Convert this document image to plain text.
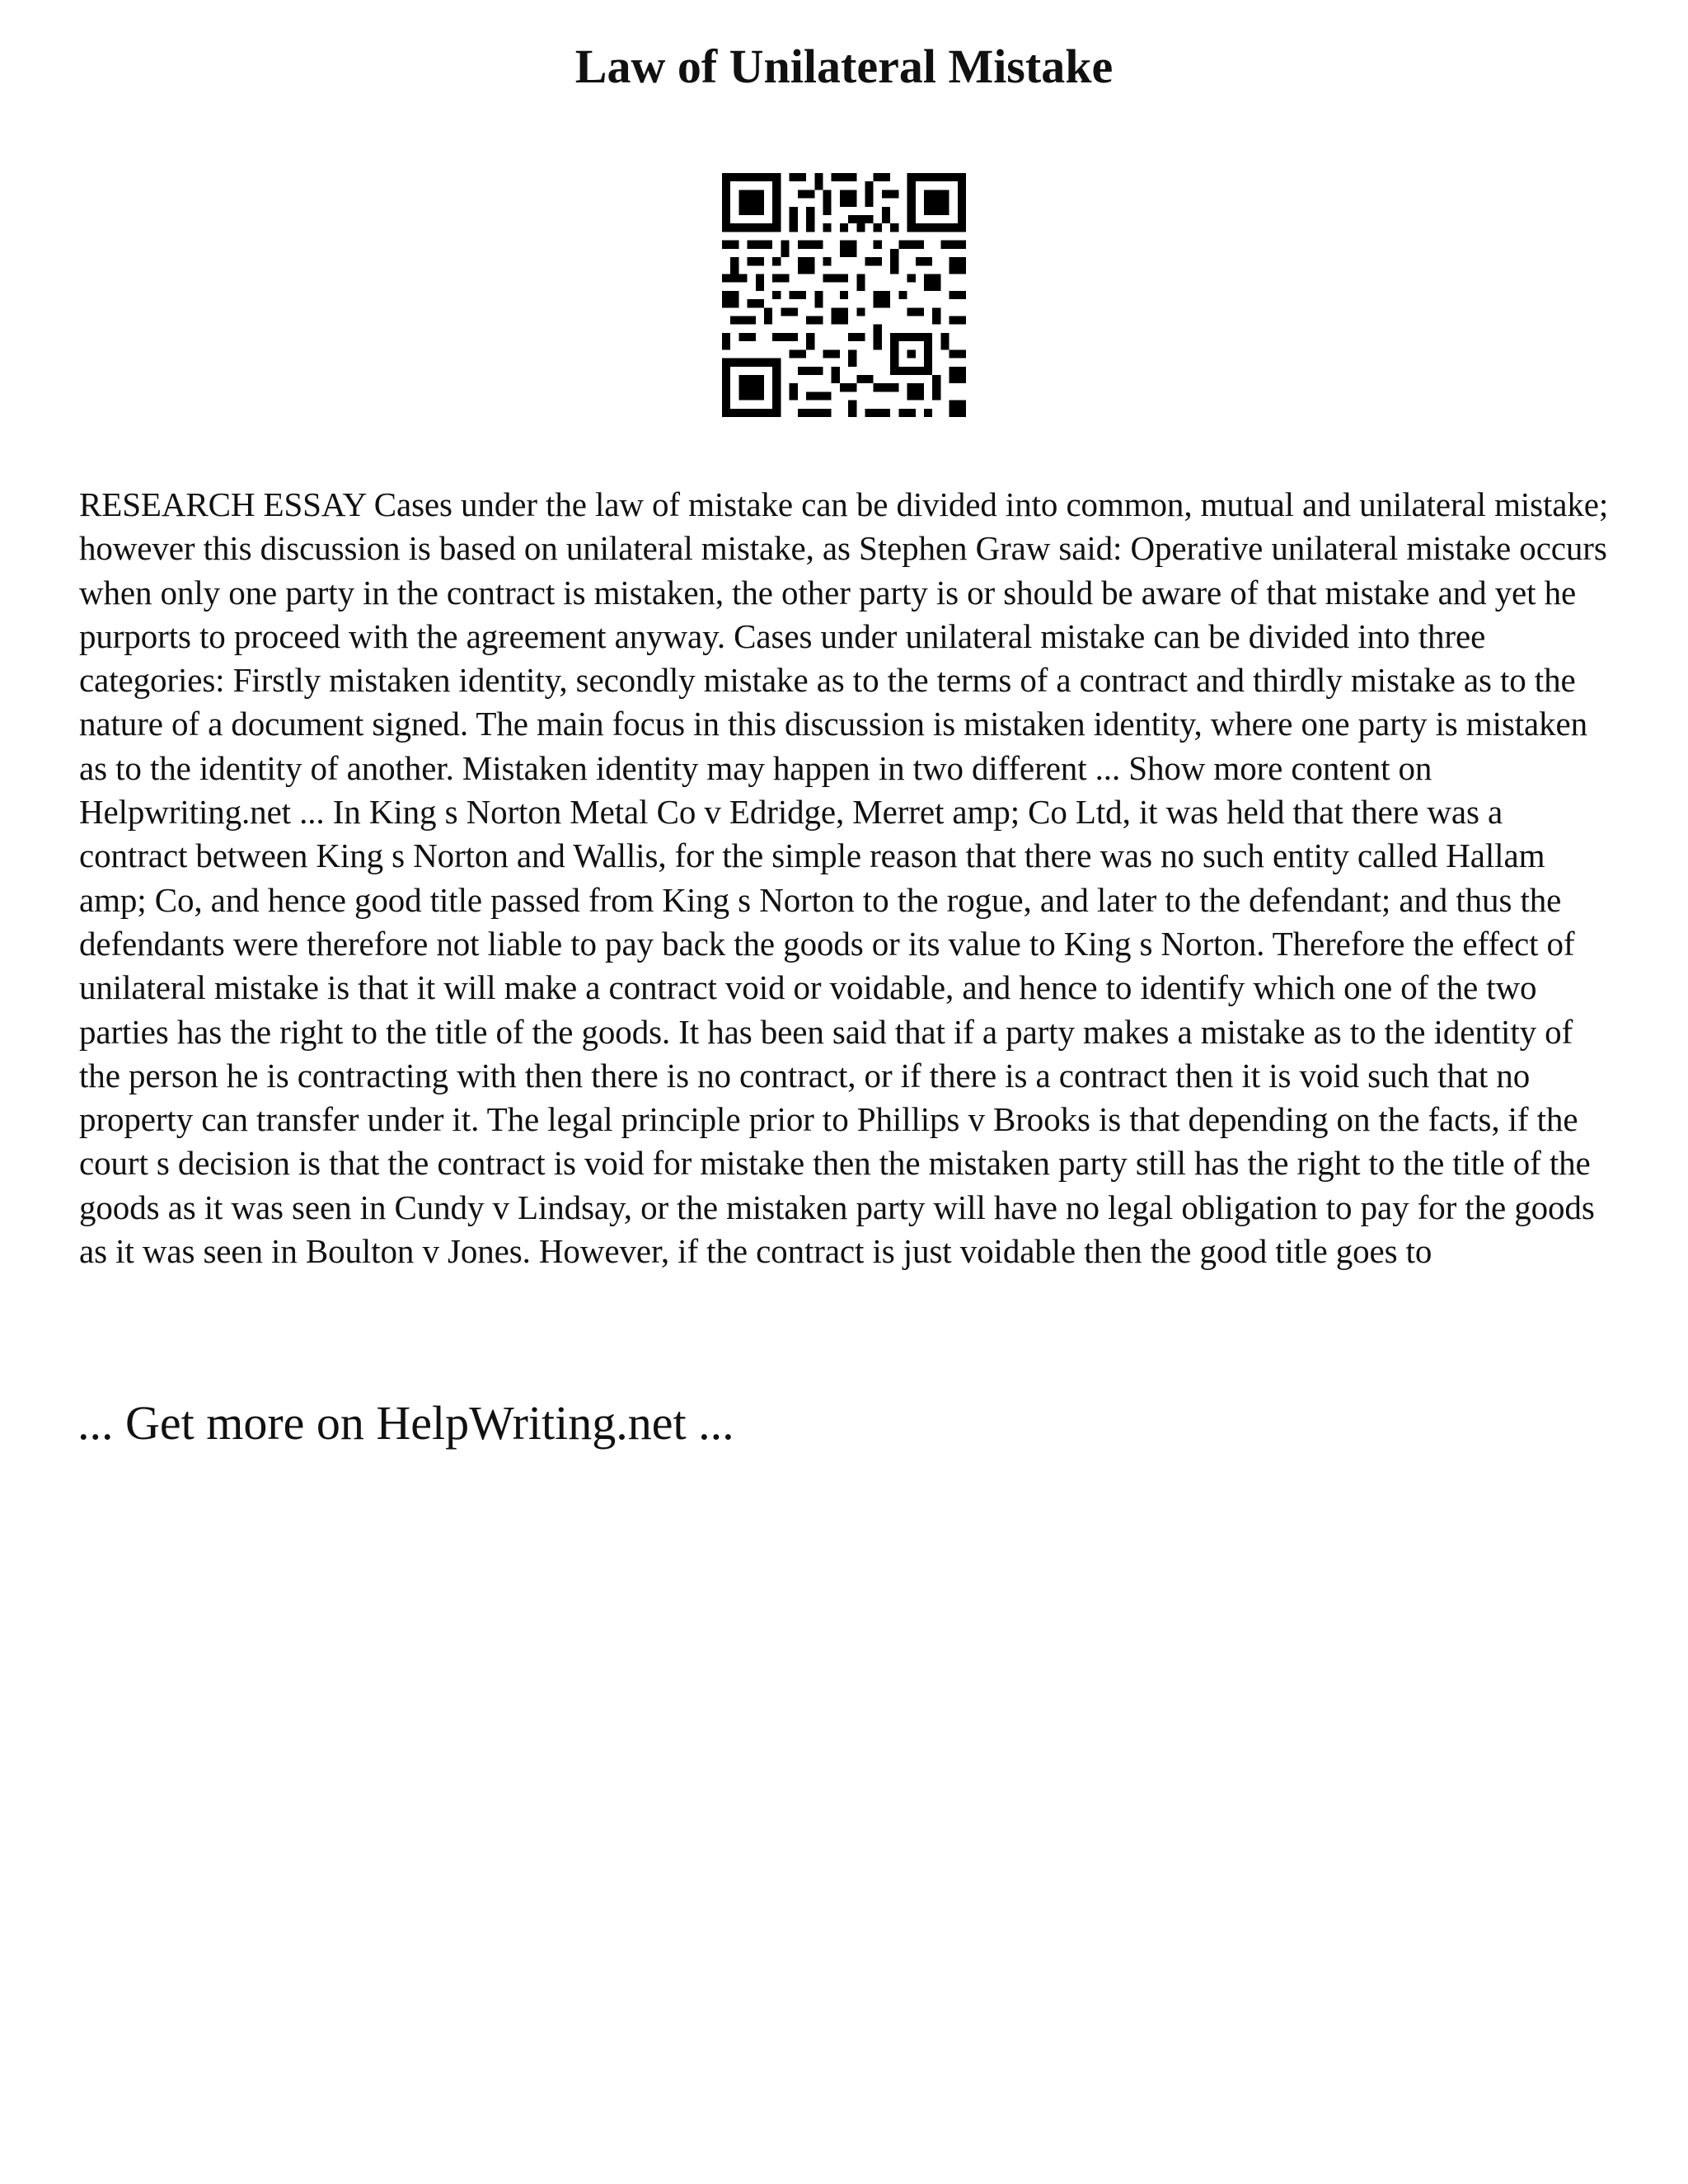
Law of Unilateral Mistake

RESEARCH ESSAY Cases under the law of mistake can be divided into common, mutual and unilateral mistake; however this discussion is based on unilateral mistake, as Stephen Graw said: Operative unilateral mistake occurs when only one party in the contract is mistaken, the other party is or should be aware of that mistake and yet he purports to proceed with the agreement anyway. Cases under unilateral mistake can be divided into three categories: Firstly mistaken identity, secondly mistake as to the terms of a contract and thirdly mistake as to the nature of a document signed. The main focus in this discussion is mistaken identity, where one party is mistaken as to the identity of another. Mistaken identity may happen in two different ... Show more content on Helpwriting.net ... In King s Norton Metal Co v Edridge, Merret amp; Co Ltd, it was held that there was a contract between King s Norton and Wallis, for the simple reason that there was no such entity called Hallam amp; Co, and hence good title passed from King s Norton to the rogue, and later to the defendant; and thus the defendants were therefore not liable to pay back the goods or its value to King s Norton. Therefore the effect of unilateral mistake is that it will make a contract void or voidable, and hence to identify which one of the two parties has the right to the title of the goods. It has been said that if a party makes a mistake as to the identity of the person he is contracting with then there is no contract, or if there is a contract then it is void such that no property can transfer under it. The legal principle prior to Phillips v Brooks is that depending on the facts, if the court s decision is that the contract is void for mistake then the mistaken party still has the right to the title of the goods as it was seen in Cundy v Lindsay, or the mistaken party will have no legal obligation to pay for the goods as it was seen in Boulton v Jones. However, if the contract is just voidable then the good title goes to

... Get more on HelpWriting.net ...
